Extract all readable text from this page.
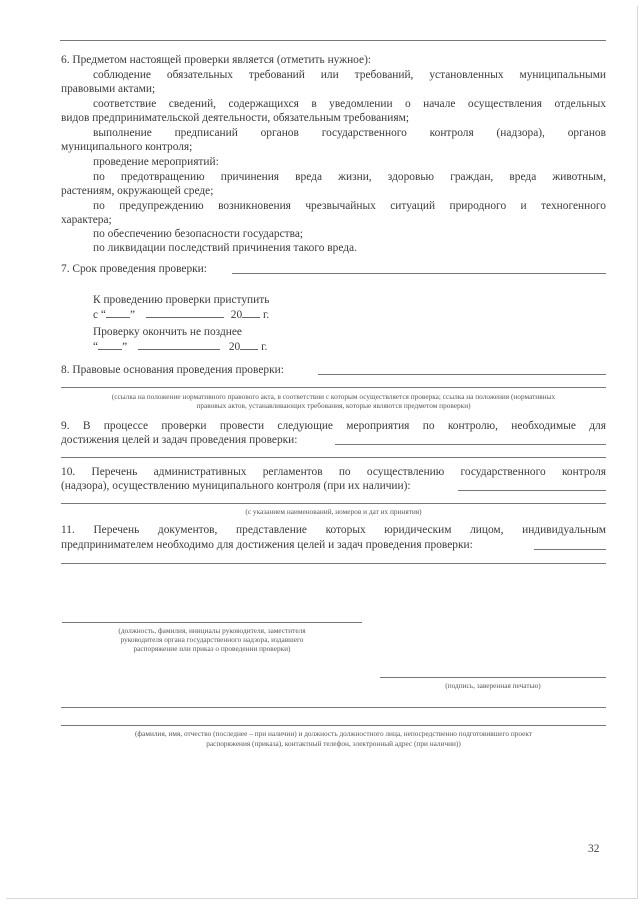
6. Предметом настоящей проверки является (отметить нужное):
соблюдение обязательных требований или требований, установленных муниципальными
правовыми актами;
соответствие сведений, содержащихся в уведомлении о начале осуществления отдельных
видов предпринимательской деятельности, обязательным требованиям;
выполнение предписаний органов государственного контроля (надзора), органов
муниципального контроля;
проведение мероприятий:
по предотвращению причинения вреда жизни, здоровью граждан, вреда животным,
растениям, окружающей среде;
по предупреждению возникновения чрезвычайных ситуаций природного и техногенного
характера;
по обеспечению безопасности государства;
по ликвидации последствий причинения такого вреда.
7. Срок проведения проверки:
К проведению проверки приступить
с “ ”	20 г.
Проверку окончить не позднее
“ ”	20 г.
8. Правовые основания проведения проверки:
(ссылка на положение нормативного правового акта, в соответствии с которым осуществляется проверка; ссылка на положения (нормативных
правовых актов, устанавливающих требования, которые являются предметом проверки)
9. В процессе проверки провести следующие мероприятия по контролю, необходимые для
достижения целей и задач проведения проверки:
10. Перечень административных регламентов по осуществлению государственного контроля
(надзора), осуществлению муниципального контроля (при их наличии):
(с указанием наименований, номеров и дат их принятия)
11. Перечень документов, представление которых юридическим лицом, индивидуальным
предпринимателем необходимо для достижения целей и задач проведения проверки:
(должность, фамилия, инициалы руководителя, заместителя
руководителя органа государственного надзора, издавшего
распоряжение или приказ о проведении проверки)
(подпись, заверенная печатью)
(фамилия, имя, отчество (последнее – при наличии) и должность должностного лица, непосредственно подготовившего проект
распоряжения (приказа), контактный телефон, электронный адрес (при наличии))
32
